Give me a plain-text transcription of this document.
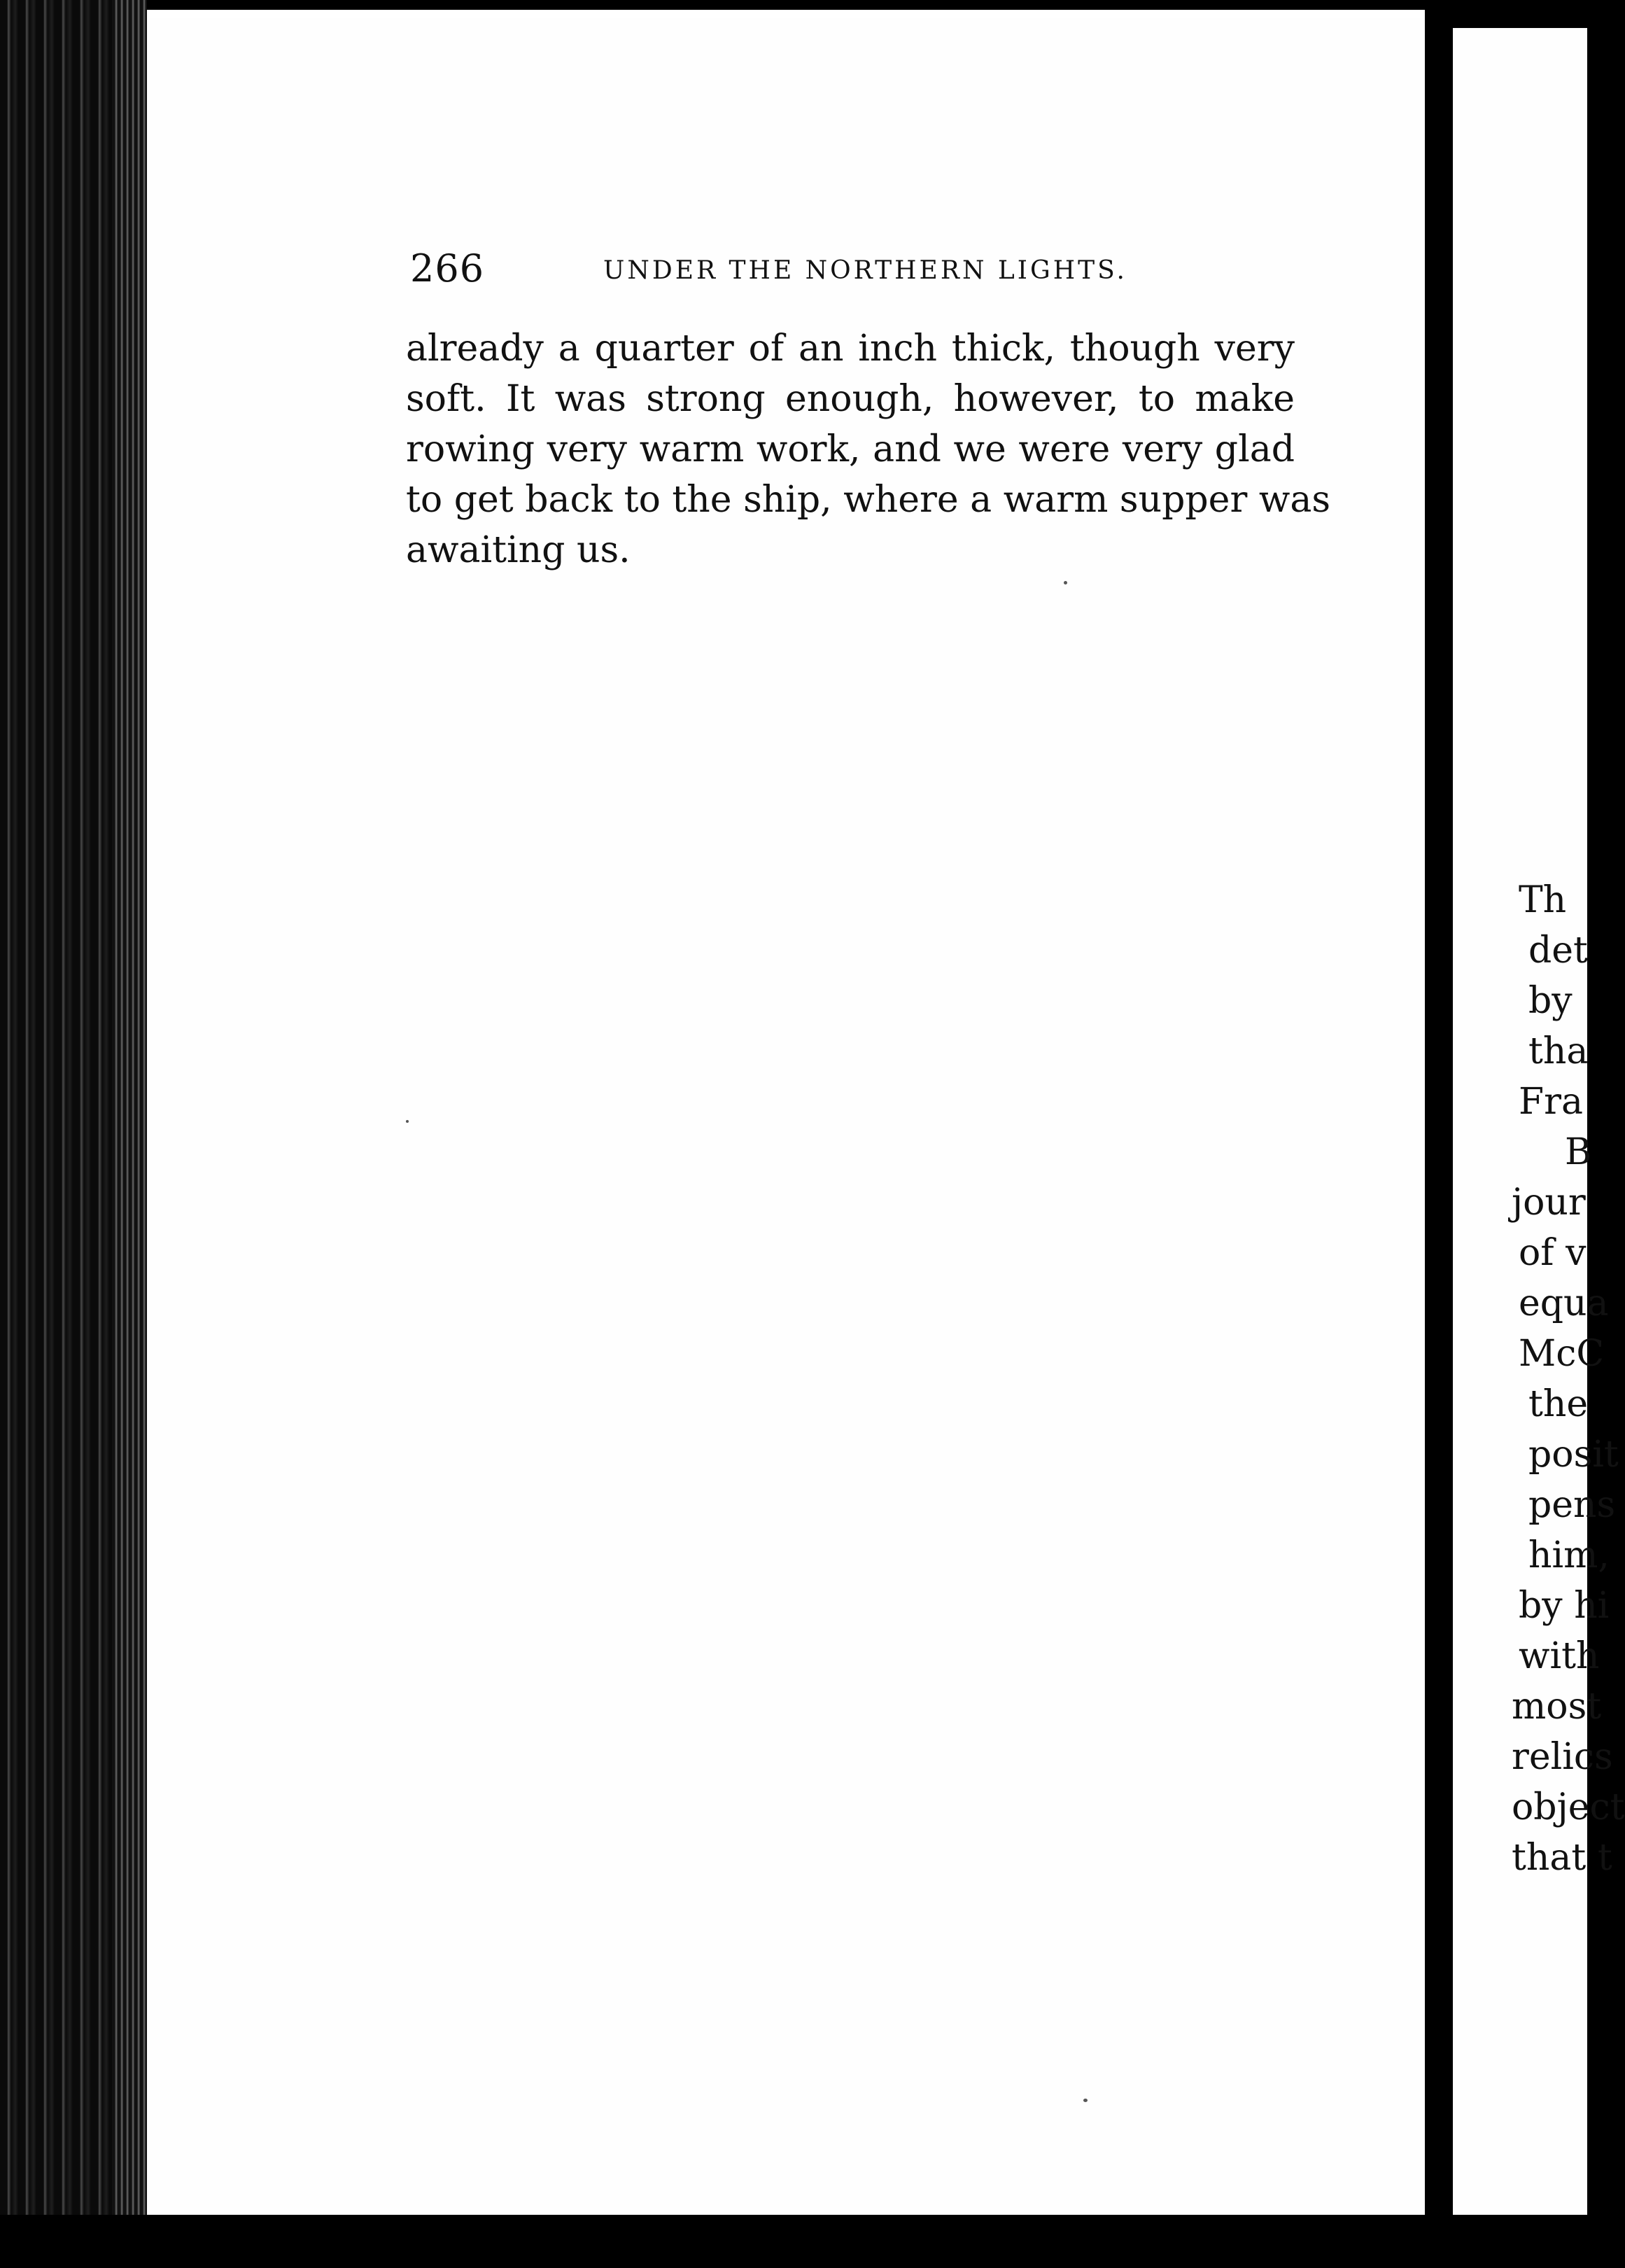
266	UNDER THE NORTHERN LIGHTS.
already a quarter of an inch thick, though very
soft. It was strong enough, however, to make
rowing very warm work, and we were very glad
to get back to the ship, where a warm supper was
awaiting us.
Th
det
by
tha
Fra
B
jour
of v
equa
McC
the
posit
pens
him,
by hi
with
most
relics
object
that t
